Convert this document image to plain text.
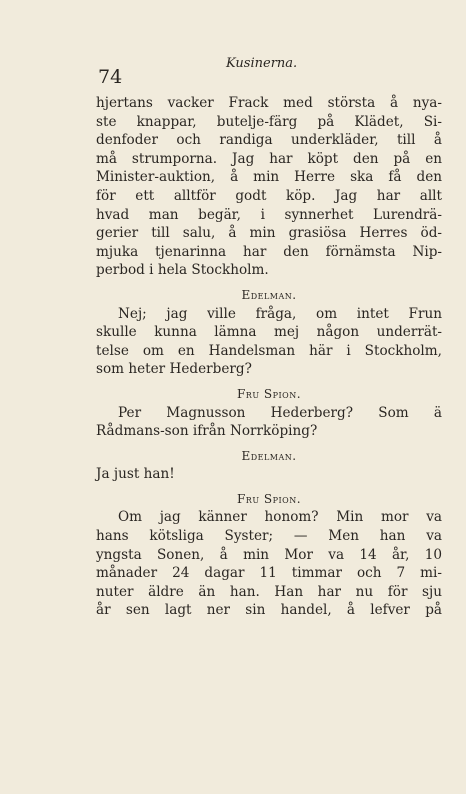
74
Kusinerna.
hjertans vacker Frack med största å nya-
ste knappar, butelje-färg på Klädet, Si-
denfoder och randiga underkläder, till å
må strumporna. Jag har köpt den på en
Minister-auktion, å min Herre ska få den
för ett alltför godt köp. Jag har allt
hvad man begär, i synnerhet Lurendrä-
gerier till salu, å min grasiösa Herres öd-
mjuka tjenarinna har den förnämsta Nip-
perbod i hela Stockholm.
Edelman.
Nej; jag ville fråga, om intet Frun
skulle kunna lämna mej någon underrät-
telse om en Handelsman här i Stockholm,
som heter Hederberg?
Fru Spion.
Per Magnusson Hederberg? Som ä
Rådmans-son ifrån Norrköping?
Edelman.
Ja just han!
Fru Spion.
Om jag känner honom? Min mor va
hans kötsliga Syster; — Men han va
yngsta Sonen, å min Mor va 14 år, 10
månader 24 dagar 11 timmar och 7 mi-
nuter äldre än han. Han har nu för sju
år sen lagt ner sin handel, å lefver på
